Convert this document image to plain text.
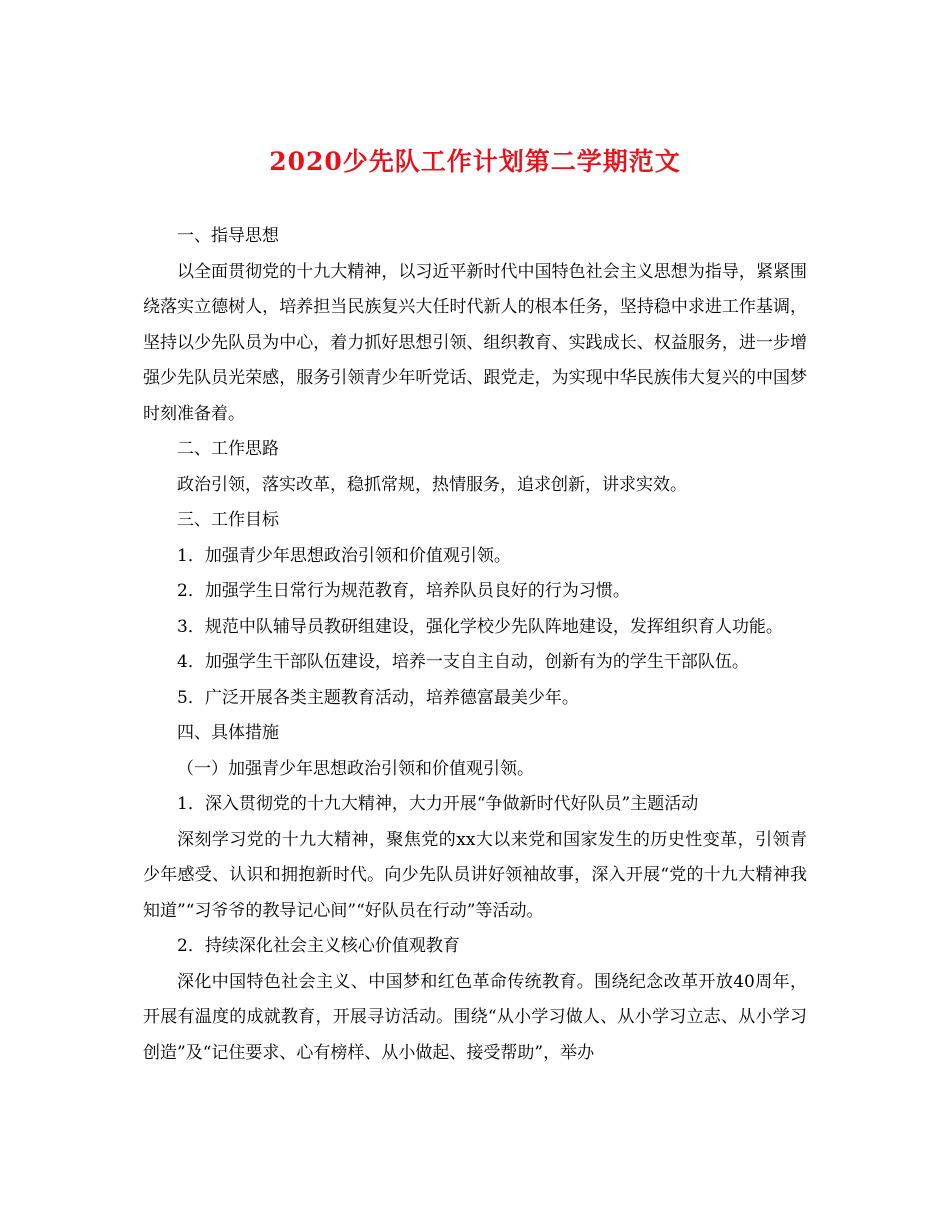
2020少先队工作计划第二学期范文

一、指导思想

以全面贯彻党的十九大精神，以习近平新时代中国特色社会主义思想为指导，紧紧围绕落实立德树人，培养担当民族复兴大任时代新人的根本任务，坚持稳中求进工作基调，坚持以少先队员为中心，着力抓好思想引领、组织教育、实践成长、权益服务，进一步增强少先队员光荣感，服务引领青少年听党话、跟党走，为实现中华民族伟大复兴的中国梦时刻准备着。

二、工作思路

政治引领，落实改革，稳抓常规，热情服务，追求创新，讲求实效。

三、工作目标

1．加强青少年思想政治引领和价值观引领。

2．加强学生日常行为规范教育，培养队员良好的行为习惯。

3．规范中队辅导员教研组建设，强化学校少先队阵地建设，发挥组织育人功能。

4．加强学生干部队伍建设，培养一支自主自动，创新有为的学生干部队伍。

5．广泛开展各类主题教育活动，培养德富最美少年。

四、具体措施

（一）加强青少年思想政治引领和价值观引领。

1．深入贯彻党的十九大精神，大力开展“争做新时代好队员”主题活动

深刻学习党的十九大精神，聚焦党的xx大以来党和国家发生的历史性变革，引领青少年感受、认识和拥抱新时代。向少先队员讲好领袖故事，深入开展“党的十九大精神我知道”“习爷爷的教导记心间”“好队员在行动”等活动。

2．持续深化社会主义核心价值观教育

深化中国特色社会主义、中国梦和红色革命传统教育。围绕纪念改革开放40周年，开展有温度的成就教育，开展寻访活动。围绕“从小学习做人、从小学习立志、从小学习创造”及“记住要求、心有榜样、从小做起、接受帮助”，举办
